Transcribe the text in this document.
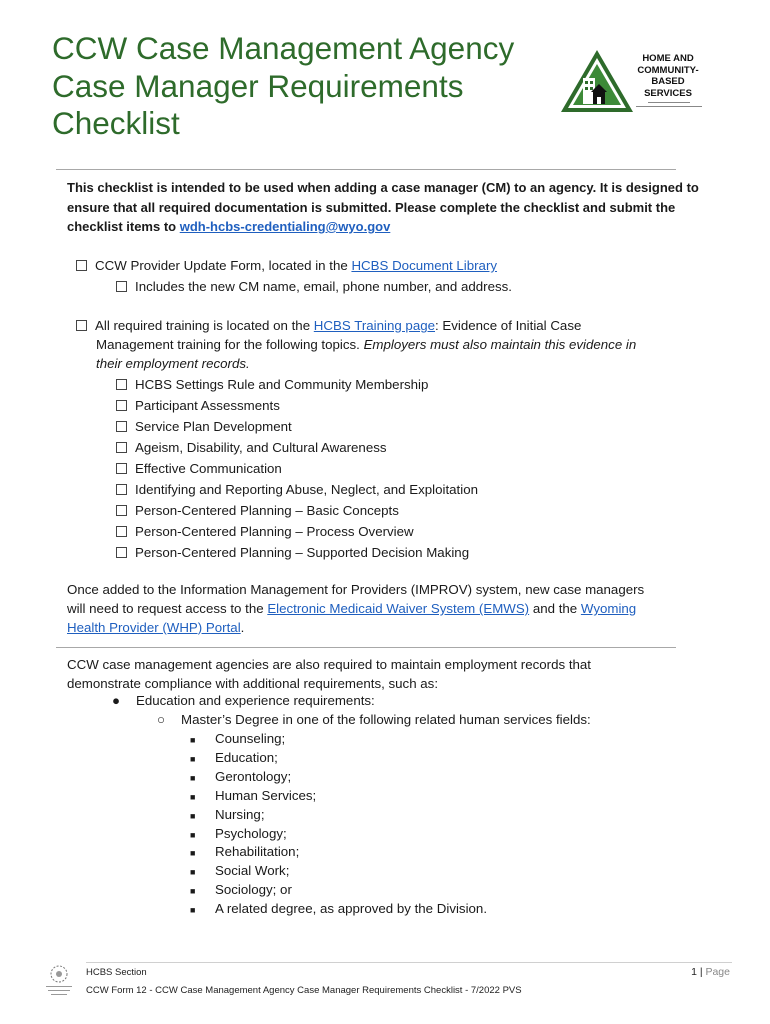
CCW Case Management Agency
Case Manager Requirements
Checklist
HOME AND
COMMUNITY-
BASED
SERVICES
This checklist is intended to be used when adding a case manager (CM) to an agency. It is designed to ensure that all required documentation is submitted. Please complete the checklist and submit the checklist items to wdh-hcbs-credentialing@wyo.gov
CCW Provider Update Form, located in the HCBS Document Library
Includes the new CM name, email, phone number, and address.
All required training is located on the HCBS Training page: Evidence of Initial Case
Management training for the following topics. Employers must also maintain this evidence in
their employment records.
HCBS Settings Rule and Community Membership
Participant Assessments
Service Plan Development
Ageism, Disability, and Cultural Awareness
Effective Communication
Identifying and Reporting Abuse, Neglect, and Exploitation
Person-Centered Planning – Basic Concepts
Person-Centered Planning – Process Overview
Person-Centered Planning – Supported Decision Making
Once added to the Information Management for Providers (IMPROV) system, new case managers
will need to request access to the Electronic Medicaid Waiver System (EMWS) and the Wyoming
Health Provider (WHP) Portal.
CCW case management agencies are also required to maintain employment records that
demonstrate compliance with additional requirements, such as:
● Education and experience requirements:
○ Master’s Degree in one of the following related human services fields:
■ Counseling;
■ Education;
■ Gerontology;
■ Human Services;
■ Nursing;
■ Psychology;
■ Rehabilitation;
■ Social Work;
■ Sociology; or
■ A related degree, as approved by the Division.
HCBS Section
CCW Form 12 - CCW Case Management Agency Case Manager Requirements Checklist - 7/2022 PVS
1 | Page
